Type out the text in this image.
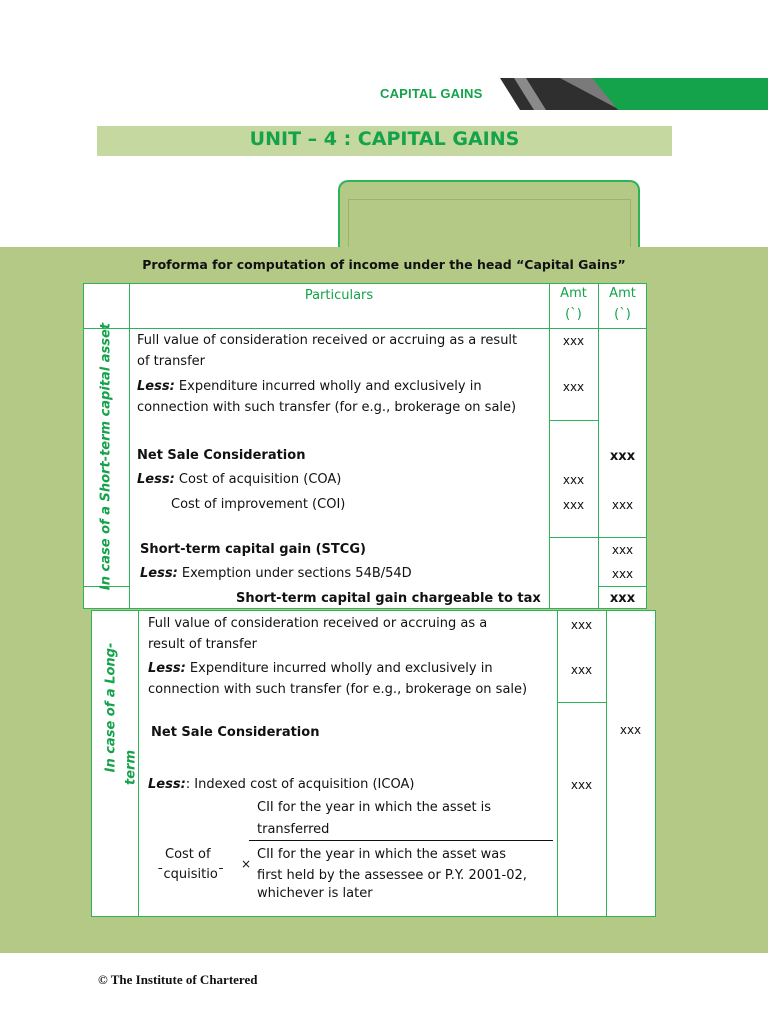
CAPITAL GAINS
UNIT – 4 : CAPITAL GAINS
Proforma for computation of income under the head “Capital Gains”
Particulars	Amt
(`)
Amt
(`)
In case of a Short-term capital asset Full value of consideration received or accruing as a result
of transfer
Less: Expenditure incurred wholly and exclusively in
connection with such transfer (for e.g., brokerage on sale)
Net Sale Consideration
Less: Cost of acquisition (COA)
Cost of improvement (COI)
Short-term capital gain (STCG)
Less: Exemption under sections 54B/54D
Short-term capital gain chargeable to tax
xxx
xxx
xxx
xxx
xxx	xxx
xxx
xxx
xxx
In case of a Long- term
Full value of consideration received or accruing as a
result of transfer
Less: Expenditure incurred wholly and exclusively in
connection with such transfer (for e.g., brokerage on sale)
Net Sale Consideration
Less:: Indexed cost of acquisition (ICOA)
CII for the year in which the asset is
transferred
Cost of
¯cquisitio¯
×
CII for the year in which the asset was
first held by the assessee or P.Y. 2001-02,
whichever is later
xxx
xxx
xxx
xxx
© The Institute of Chartered
